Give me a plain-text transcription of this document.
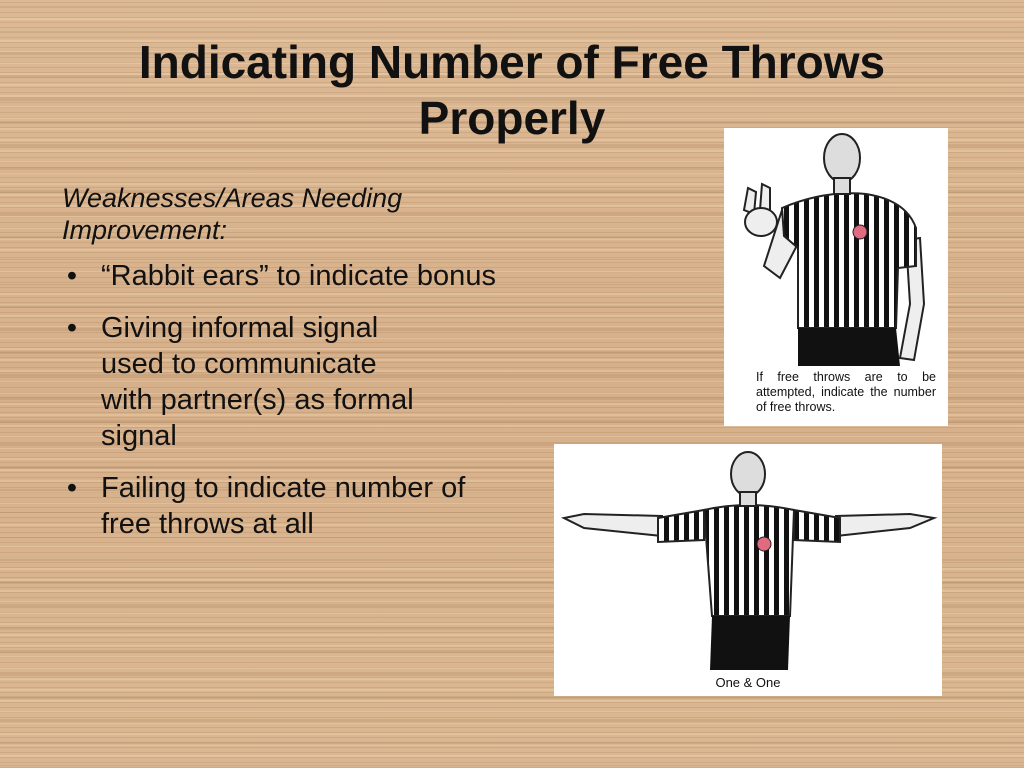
Indicating Number of Free Throws Properly
Weaknesses/Areas Needing Improvement:
• “Rabbit ears” to indicate bonus
• Giving informal signal used to communicate with partner(s) as formal signal
• Failing to indicate number of free throws at all
If free throws are to be attempted, indicate the number of free throws.
One & One
